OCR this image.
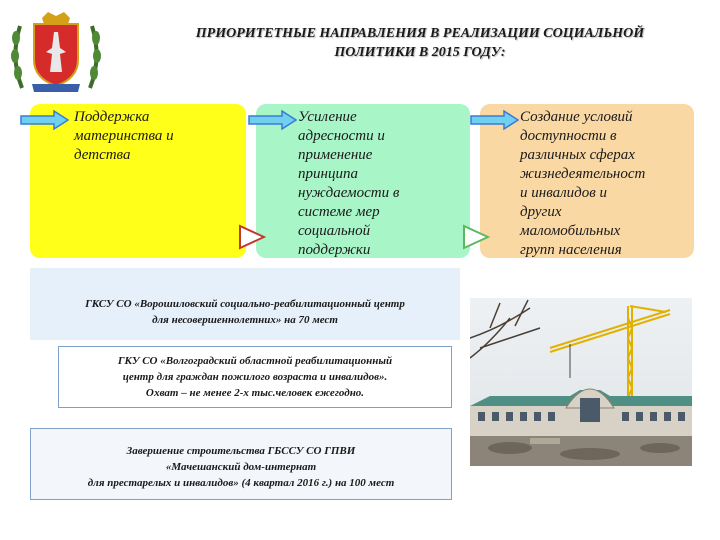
ПРИОРИТЕТНЫЕ НАПРАВЛЕНИЯ В РЕАЛИЗАЦИИ СОЦИАЛЬНОЙ
ПОЛИТИКИ В 2015 ГОДУ:
Поддержка
материнства и
детства
Усиление
адресности и
применение
принципа
нуждаемости в
системе мер
социальной
поддержки
Создание условий
доступности в
различных сферах
жизнедеятельност
и инвалидов и
других
маломобильных
групп населения
ГКСУ СО «Ворошиловский социально-реабилитационный центр
для несовершеннолетних» на 70 мест
ГКУ СО «Волгоградский областной реабилитационный
центр для граждан пожилого возраста и инвалидов».
Охват – не менее 2-х тыс.человек ежегодно.
Завершение строительства ГБССУ СО ГПВИ
«Мачешанский дом-интернат
для престарелых и инвалидов» (4 квартал 2016 г.) на 100 мест
